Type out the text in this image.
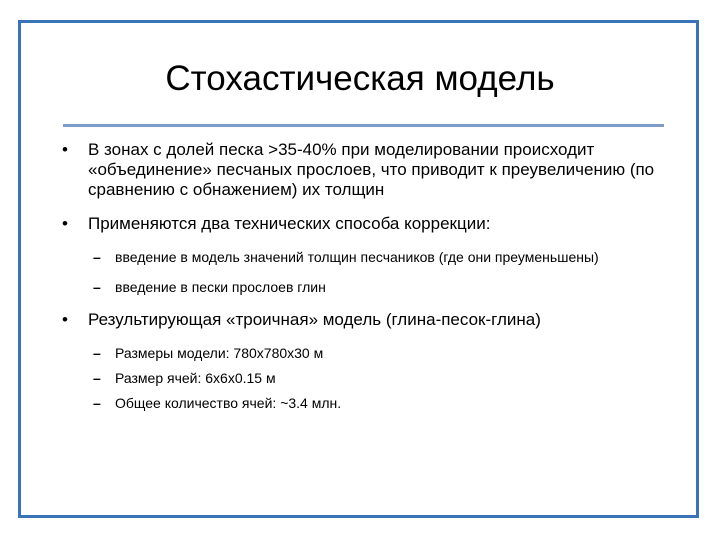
Стохастическая модель
• В зонах с долей песка >35-40% при моделировании происходит «объединение» песчаных прослоев, что приводит к преувеличению (по сравнению с обнажением) их толщин
• Применяются два технических способа коррекции:
– введение в модель значений толщин песчаников (где они преуменьшены)
– введение в пески прослоев глин
• Результирующая «троичная» модель (глина-песок-глина)
– Размеры модели: 780x780x30 м
– Размер ячей: 6x6x0.15 м
– Общее количество ячей: ~3.4 млн.
